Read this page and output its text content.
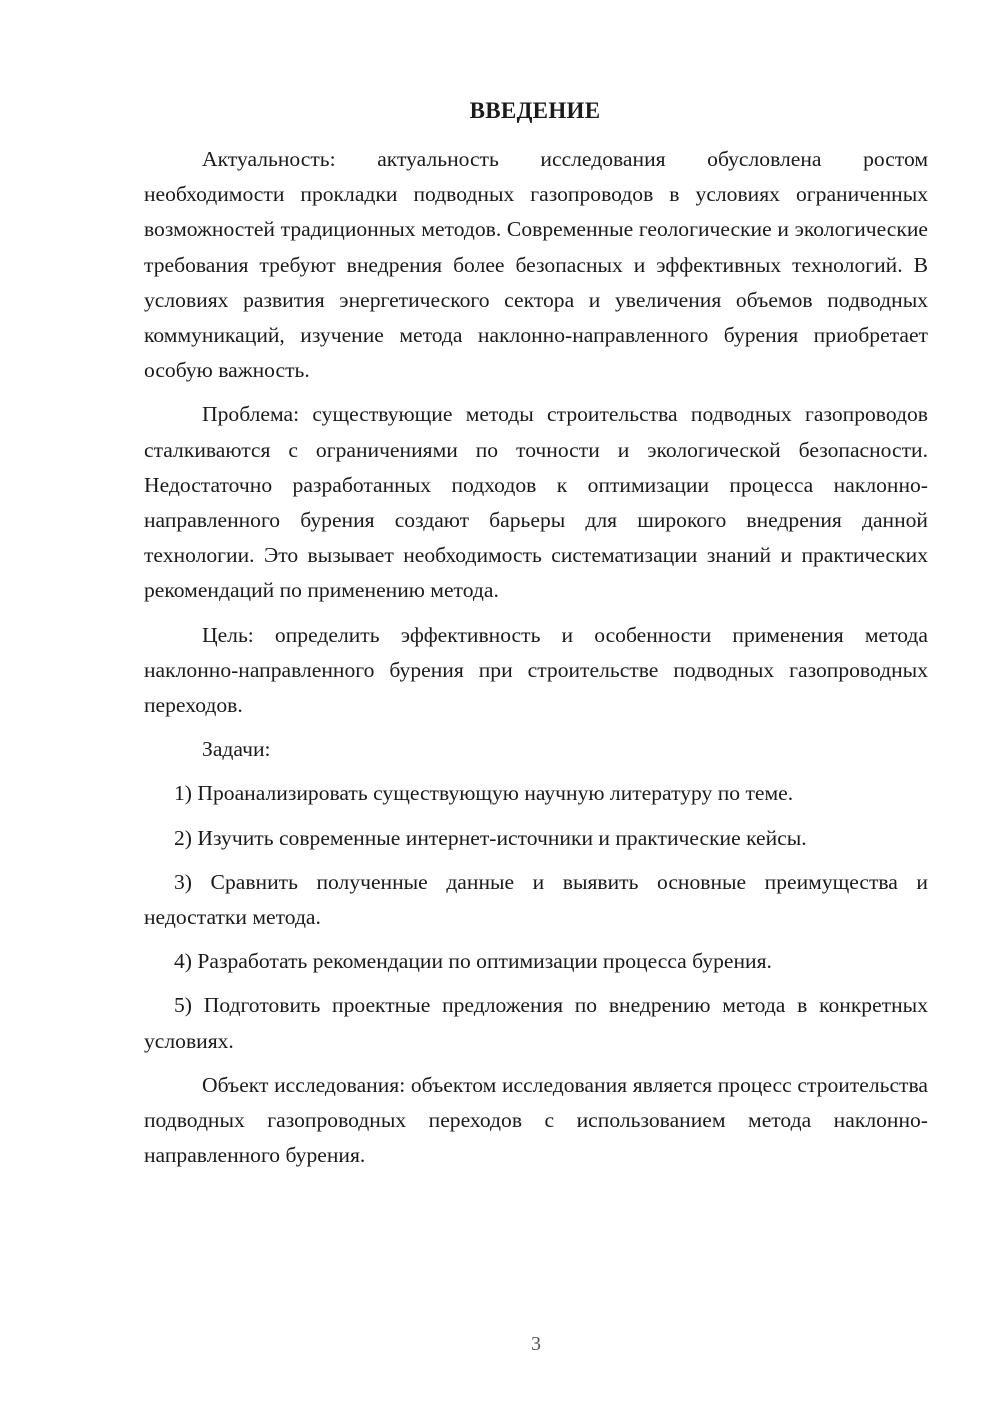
ВВЕДЕНИЕ

Актуальность: актуальность исследования обусловлена ростом необходимости прокладки подводных газопроводов в условиях ограниченных возможностей традиционных методов. Современные геологические и экологические требования требуют внедрения более безопасных и эффективных технологий. В условиях развития энергетического сектора и увеличения объемов подводных коммуникаций, изучение метода наклонно-направленного бурения приобретает особую важность.

Проблема: существующие методы строительства подводных газопроводов сталкиваются с ограничениями по точности и экологической безопасности. Недостаточно разработанных подходов к оптимизации процесса наклонно-направленного бурения создают барьеры для широкого внедрения данной технологии. Это вызывает необходимость систематизации знаний и практических рекомендаций по применению метода.

Цель: определить эффективность и особенности применения метода наклонно-направленного бурения при строительстве подводных газопроводных переходов.

Задачи:

1) Проанализировать существующую научную литературу по теме.

2) Изучить современные интернет-источники и практические кейсы.

3) Сравнить полученные данные и выявить основные преимущества и недостатки метода.

4) Разработать рекомендации по оптимизации процесса бурения.

5) Подготовить проектные предложения по внедрению метода в конкретных условиях.

Объект исследования: объектом исследования является процесс строительства подводных газопроводных переходов с использованием метода наклонно-направленного бурения.

3
